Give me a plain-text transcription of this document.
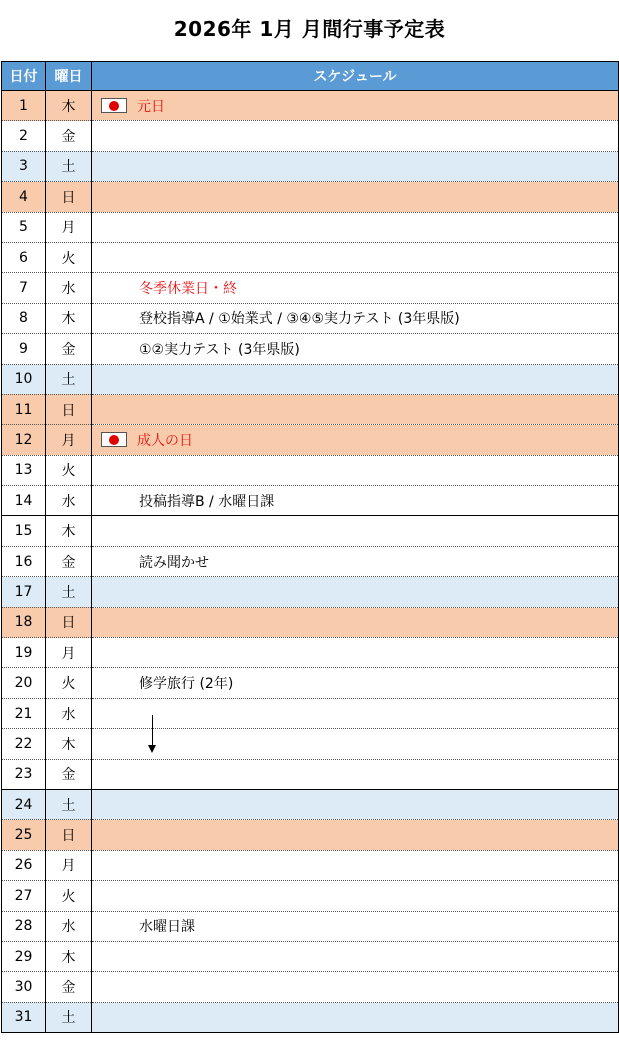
2026年 1月 月間行事予定表
日付	曜日	スケジュール
1	木	元日
2	金	
3	土	
4	日	
5	月	
6	火	
7	水	冬季休業日・終
8	木	登校指導A / ①始業式 / ③④⑤実力テスト (3年県版)
9	金	①②実力テスト (3年県版)
10	土	
11	日	
12	月	成人の日
13	火	
14	水	投稿指導B / 水曜日課
15	木	
16	金	読み聞かせ
17	土	
18	日	
19	月	
20	火	修学旅行 (2年)
21	水	

22	木	
23	金	
24	土	
25	日	
26	月	
27	火	
28	水	水曜日課
29	木	
30	金	
31	土	
